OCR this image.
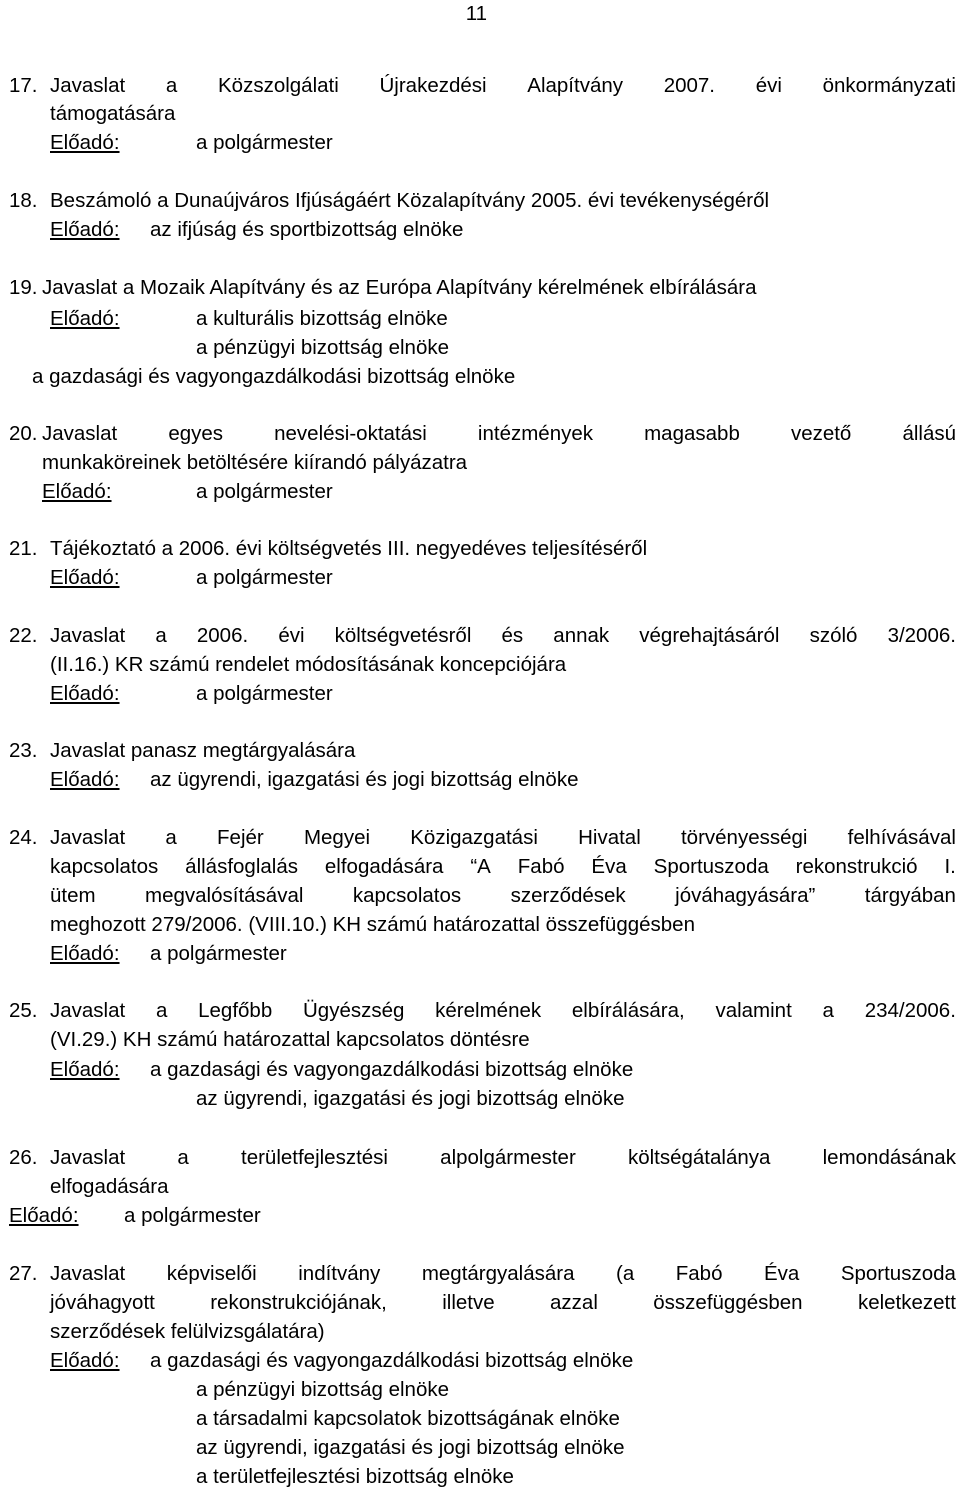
11
17. Javaslat a Közszolgálati Újrakezdési Alapítvány 2007. évi önkormányzati
támogatására
Előadó:	a polgármester
18. Beszámoló a Dunaújváros Ifjúságáért Közalapítvány 2005. évi tevékenységéről
Előadó: az ifjúság és sportbizottság elnöke
19. Javaslat a Mozaik Alapítvány és az Európa Alapítvány kérelmének elbírálására
Előadó:	a kulturális bizottság elnöke
a pénzügyi bizottság elnöke
a gazdasági és vagyongazdálkodási bizottság elnöke
20. Javaslat egyes nevelési-oktatási intézmények magasabb vezető állású
munkaköreinek betöltésére kiírandó pályázatra
Előadó:	a polgármester
21. Tájékoztató a 2006. évi költségvetés III. negyedéves teljesítéséről
Előadó:	a polgármester
22. Javaslat a 2006. évi költségvetésről és annak végrehajtásáról szóló 3/2006.
(II.16.) KR számú rendelet módosításának koncepciójára
Előadó:	a polgármester
23. Javaslat panasz megtárgyalására
Előadó: az ügyrendi, igazgatási és jogi bizottság elnöke
24. Javaslat a Fejér Megyei Közigazgatási Hivatal törvényességi felhívásával
kapcsolatos állásfoglalás elfogadására “A Fabó Éva Sportuszoda rekonstrukció I.
ütem megvalósításával kapcsolatos szerződések jóváhagyására” tárgyában
meghozott 279/2006. (VIII.10.) KH számú határozattal összefüggésben
Előadó: a polgármester
25. Javaslat a Legfőbb Ügyészség kérelmének elbírálására, valamint a 234/2006.
(VI.29.) KH számú határozattal kapcsolatos döntésre
Előadó: a gazdasági és vagyongazdálkodási bizottság elnöke
az ügyrendi, igazgatási és jogi bizottság elnöke
26. Javaslat	a	területfejlesztési	alpolgármester	költségátalánya	lemondásának
elfogadására
Előadó: a polgármester
27. Javaslat képviselői indítvány megtárgyalására (a Fabó Éva Sportuszoda
jóváhagyott	rekonstrukciójának,	illetve	azzal	összefüggésben	keletkezett
szerződések felülvizsgálatára)
Előadó: a gazdasági és vagyongazdálkodási bizottság elnöke
a pénzügyi bizottság elnöke
a társadalmi kapcsolatok bizottságának elnöke
az ügyrendi, igazgatási és jogi bizottság elnöke
a területfejlesztési bizottság elnöke
